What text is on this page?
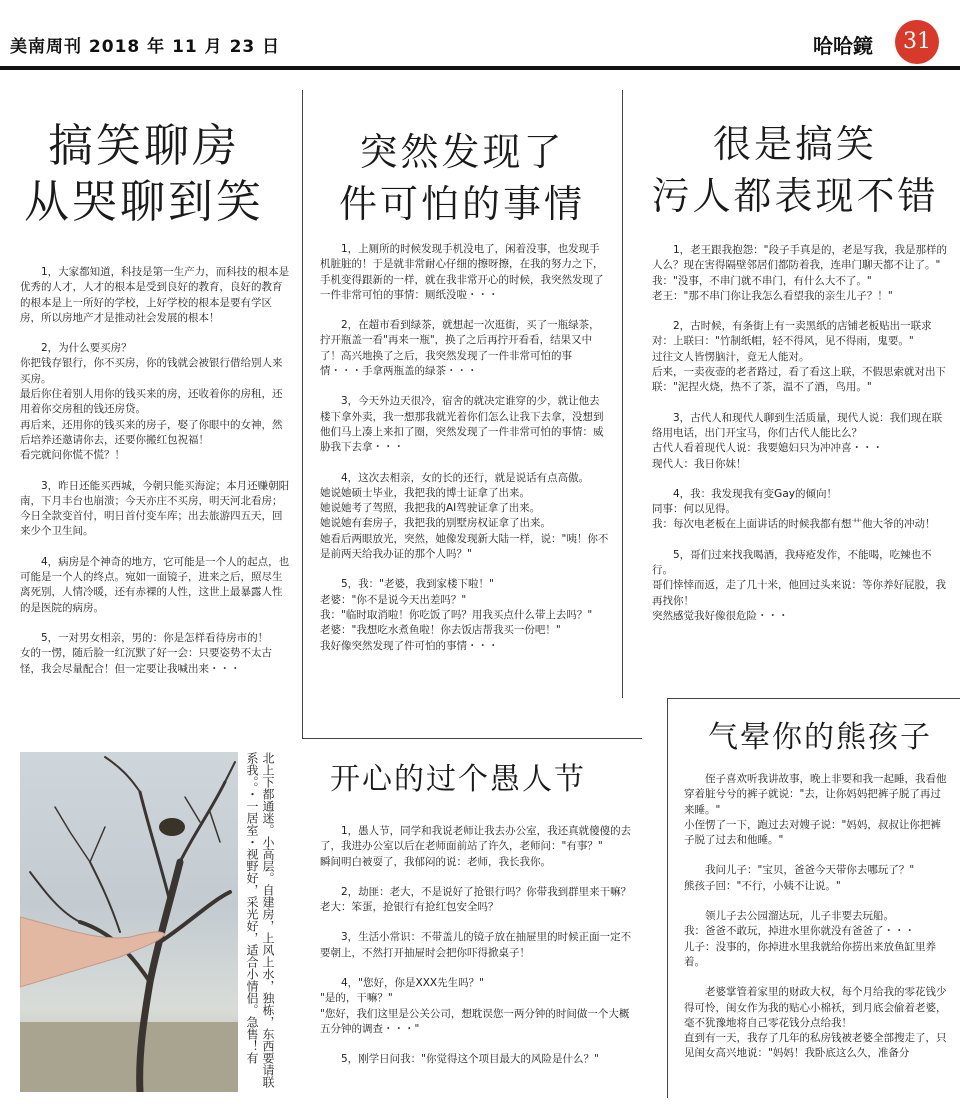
美南周刊 2018 年 11 月 23 日	哈哈鏡	31
搞笑聊房
从哭聊到笑

1，大家都知道，科技是第一生产力，而科技的根本是优秀的人才，人才的根本是受到良好的教育，良好的教育的根本是上一所好的学校，上好学校的根本是要有学区房，所以房地产才是推动社会发展的根本！

2，为什么要买房？
你把钱存银行，你不买房，你的钱就会被银行借给别人来买房。
最后你住着别人用你的钱买来的房，还收着你的房租，还用着你交房租的钱还房贷。
再后来，还用你的钱买来的房子，娶了你眼中的女神，然后培养还邀请你去，还要你搬红包祝福！
看完就问你慌不慌？！

3，昨日还能买西城，今朝只能买海淀；本月还赚朝阳南，下月丰台也崩溃；今天亦庄不买房，明天河北看房；今日全款变首付，明日首付变车库；出去旅游四五天，回来少个卫生间。

4，病房是个神奇的地方，它可能是一个人的起点，也可能是一个人的终点。宛如一面镜子，进来之后，照尽生离死别，人情冷暖，还有赤裸的人性，这世上最暴露人性的是医院的病房。

5，一对男女相亲，男的：你是怎样看待房市的！
女的一愣，随后脸一红沉默了好一会：只要姿势不太古怪，我会尽量配合！但一定要让我喊出来・・・

突然发现了
件可怕的事情

1，上厕所的时候发现手机没电了，闲着没事，也发现手机脏脏的！于是就非常耐心仔细的擦呀擦，在我的努力之下，手机变得跟新的一样，就在我非常开心的时候，我突然发现了一件非常可怕的事情：厕纸没啦・・・

2，在超市看到绿茶，就想起一次逛街，买了一瓶绿茶，拧开瓶盖一看"再来一瓶"，换了之后再拧开看看，结果又中了！高兴地换了之后，我突然发现了一件非常可怕的事情・・・手拿两瓶盖的绿茶・・・

3，今天外边天很冷，宿舍的就决定谁穿的少，就让他去楼下拿外卖，我一想那我就光着你们怎么让我下去拿，没想到他们马上凑上来扣了圈，突然发现了一件非常可怕的事情：威胁我下去拿・・・

4，这次去相亲，女的长的还行，就是说话有点高傲。
她说她硕士毕业，我把我的博士证拿了出来。
她说她考了驾照，我把我的AI驾驶证拿了出来。
她说她有套房子，我把我的别墅房权证拿了出来。
她看后两眼放光，突然，她像发现新大陆一样，说："咦！你不是前两天给我办证的那个人吗？"

5，我："老婆，我到家楼下啦！"
老婆："你不是说今天出差吗？"
我："临时取消啦！你吃饭了吗？用我买点什么带上去吗？"
老婆："我想吃水煮鱼啦！你去饭店帮我买一份吧！"
我好像突然发现了件可怕的事情・・・

很是搞笑
污人都表现不错

1，老王跟我抱怨："段子手真是的，老是写我，我是那样的人么？现在害得隔壁邻居们都防着我，连串门聊天都不让了。"
我："没事，不串门就不串门，有什么大不了。"
老王："那不串门你让我怎么看望我的亲生儿子？！"

2，古时候，有条街上有一卖黑纸的店铺老板贴出一联求对：上联曰："竹制纸帽，轻不得风，见不得雨，鬼要。"
过往文人皆愣脑汁，竟无人能对。
后来，一卖夜壶的老者路过，看了看这上联，不假思索就对出下联："泥捏火烧，热不了茶，温不了酒，鸟用。"

3，古代人和现代人聊到生活质量，现代人说：我们现在联络用电话，出门开宝马，你们古代人能比么？
古代人看着现代人说：我要媳妇只为冲冲喜・・・
现代人：我日你妹！

4，我：我发现我有变Gay的倾向！
同事：何以见得。
我：每次电老板在上面讲话的时候我都有想艹他大爷的冲动！

5，哥们过来找我喝酒，我痔疮发作，不能喝，吃辣也不行。
哥们悻悻而返，走了几十米，他回过头来说：等你养好屁股，我再找你！
突然感觉我好像很危险・・・

北上下都通迷。小高层。自建房，上风上水，独栋，东西要请联系我。。・一居室・视野好，采光好，适合小情侣。急售！有	开心的过个愚人节

1，愚人节，同学和我说老师让我去办公室，我还真就傻傻的去了，我进办公室以后在老师面前站了许久，老师问："有事？"
瞬间明白被耍了，我郁闷的说：老师，我长我你。

2，劫匪：老大，不是说好了抢银行吗？你带我到群里来干嘛？
老大：笨蛋，抢银行有抢红包安全吗？

3，生活小常识：不带盖儿的镜子放在抽屉里的时候正面一定不要朝上，不然打开抽屉时会把你吓得掀桌子！

4，"您好，你是XXX先生吗？"
"是的，干嘛？"
"您好，我们这里是公关公司，想耽误您一两分钟的时间做一个大概五分钟的调查・・・"

5，刚学日问我："你觉得这个项目最大的风险是什么？"

气晕你的熊孩子

侄子喜欢听我讲故事，晚上非要和我一起睡，我看他穿着脏兮兮的裤子就说："去，让你妈妈把裤子脱了再过来睡。"
小侄愣了一下，跑过去对嫂子说："妈妈，叔叔让你把裤子脱了过去和他睡。"

我问儿子："宝贝，爸爸今天带你去哪玩了？"
熊孩子回："不行，小姨不让说。"

领儿子去公园溜达玩，儿子非要去玩船。
我：爸爸不敢玩，掉进水里你就没有爸爸了・・・
儿子：没事的，你掉进水里我就给你捞出来放鱼缸里养着。

老婆掌管着家里的财政大权，每个月给我的零花钱少得可怜，闺女作为我的贴心小棉袄，到月底会偷着老婆，毫不犹豫地将自己零花钱分点给我！
直到有一天，我存了几年的私房钱被老婆全部搜走了，只见闺女高兴地说："妈妈！我卧底这么久，准备分
